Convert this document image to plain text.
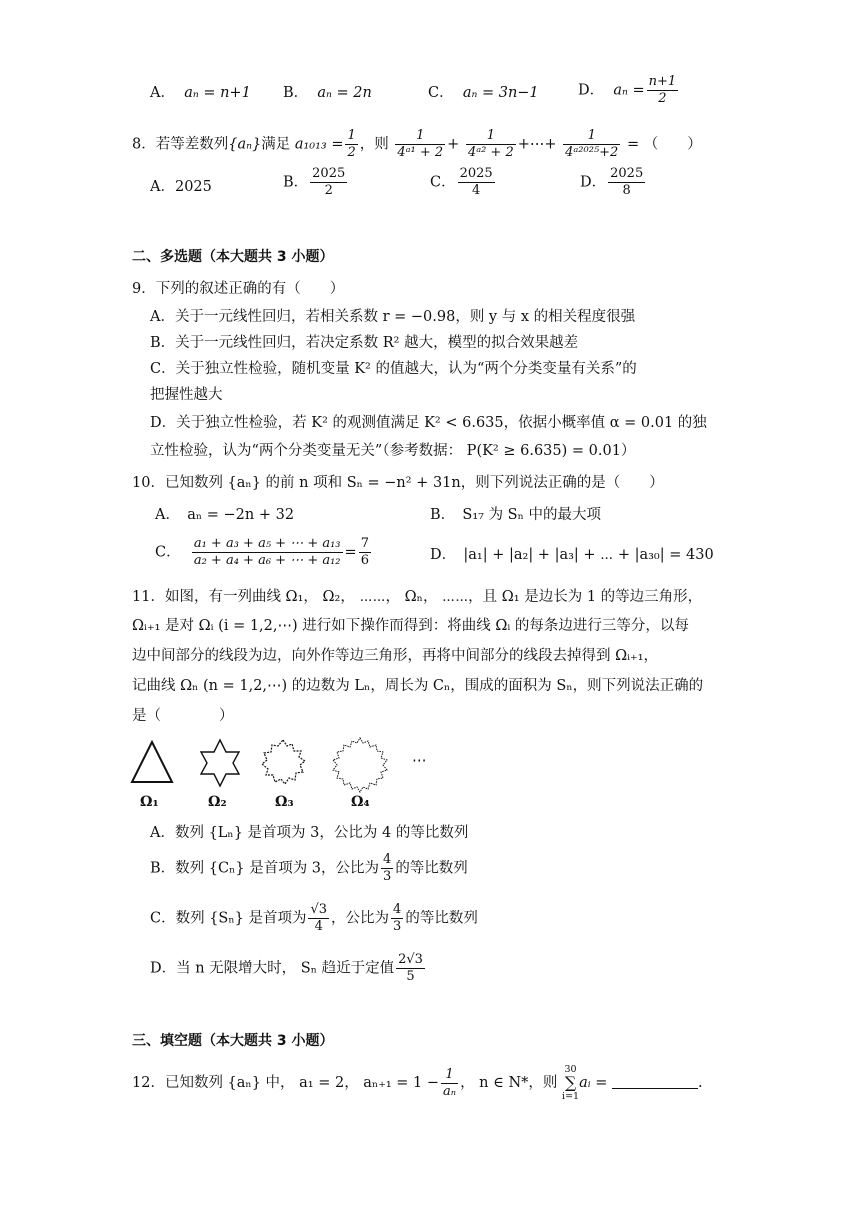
A． aₙ = n+1 B． aₙ = 2n	C． aₙ = 3n−1	D． $a_n = \frac{n+1}{2}$
8．若等差数列{aₙ}满足 $a_{1013} = \frac{1}{2}$ ，则 $\frac{1}{\text{4ᵃ¹ + 2}} + \frac{1}{\text{4ᵃ² + 2}}$ +⋯+ $\frac{1}{\text{4ᵃ²⁰²⁵+2}}$ = （　　）
A．2025	B． $\frac{2025}{2}$	C． $\frac{2025}{4}$	D． $\frac{2025}{8}$
二、多选题（本大题共 3 小题）
9．下列的叙述正确的有（　　）
A．关于一元线性回归，若相关系数 r = −0.98，则 y 与 x 的相关程度很强
B．关于一元线性回归，若决定系数 R² 越大，模型的拟合效果越差
C．关于独立性检验，随机变量 K² 的值越大，认为“两个分类变量有关系”的
把握性越大
D．关于独立性检验，若 K² 的观测值满足 K² < 6.635，依据小概率值 α = 0.01 的独
立性检验，认为“两个分类变量无关”（参考数据： P(K² ≥ 6.635) = 0.01）
10．已知数列 {aₙ} 的前 n 项和 Sₙ = −n² + 31n，则下列说法正确的是（　　）
A．　aₙ = −2n + 32	B．　S₁₇ 为 Sₙ 中的最大项
C． $\frac{\text{a₁ + a₃ + a₅ + ⋯ + a₁₃}}{\text{a₂ + a₄ + a₆ + ⋯ + a₁₂}} = \frac{7}{6}$	D．　|a₁| + |a₂| + |a₃| + ⋯ + |a₃₀| = 430
11．如图，有一列曲线 Ω₁， Ω₂， ⋯⋯， Ωₙ， ⋯⋯，且 Ω₁ 是边长为 1 的等边三角形，
Ωᵢ₊₁ 是对 Ωᵢ (i = 1,2,⋯) 进行如下操作而得到：将曲线 Ωᵢ 的每条边进行三等分，以每
边中间部分的线段为边，向外作等边三角形，再将中间部分的线段去掉得到 Ωᵢ₊₁，
记曲线 Ωₙ (n = 1,2,⋯) 的边数为 Lₙ，周长为 Cₙ，围成的面积为 Sₙ，则下列说法正确的
是（　　　　）
⋯
Ω₁	Ω₂	Ω₃	Ω₄
A．数列 {Lₙ} 是首项为 3，公比为 4 的等比数列
B．数列 {Cₙ} 是首项为 3，公比为 $\frac{4}{3}$ 的等比数列
C．数列 {Sₙ} 是首项为 $\frac{√3}{4}$ ，公比为 $\frac{4}{3}$ 的等比数列
D．当 n 无限增大时， Sₙ 趋近于定值 $\frac{2√3}{5}$
三、填空题（本大题共 3 小题）
12．已知数列 {aₙ} 中， a₁ = 2， $a_{n+1} = 1 - \frac{1}{\text{aₙ}}$ ， n ∈ N*，则
30
∑
i=1
aᵢ =	.
